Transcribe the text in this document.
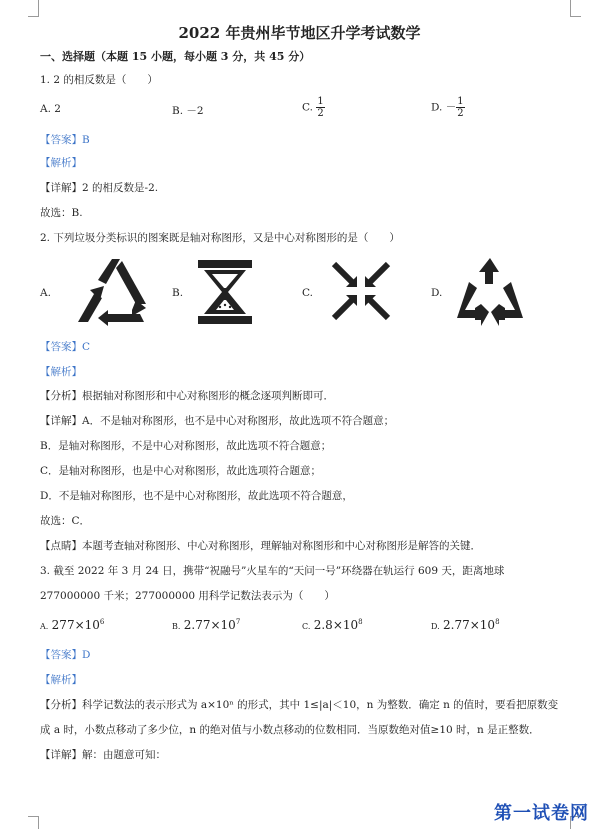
2022 年贵州毕节地区升学考试数学
一、选择题（本题 15 小题，每小题 3 分，共 45 分）
1. 2 的相反数是（　　）
A. 2	B. －2	C. $\frac{1}{2}$	D. － $\frac{1}{2}$
【答案】B
【解析】
【详解】2 的相反数是-2.
故选：B.
2. 下列垃圾分类标识的图案既是轴对称图形，又是中心对称图形的是（　　）
A.	B.	C.	D.
【答案】C
【解析】
【分析】根据轴对称图形和中心对称图形的概念逐项判断即可．
【详解】A．不是轴对称图形，也不是中心对称图形，故此选项不符合题意；
B．是轴对称图形，不是中心对称图形，故此选项不符合题意；
C．是轴对称图形，也是中心对称图形，故此选项符合题意；
D．不是轴对称图形，也不是中心对称图形，故此选项不符合题意，
故选：C．
【点睛】本题考查轴对称图形、中心对称图形，理解轴对称图形和中心对称图形是解答的关键．
3. 截至 2022 年 3 月 24 日，携带“祝融号”火星车的“天问一号”环绕器在轨运行 609 天，距离地球
277000000 千米；277000000 用科学记数法表示为（　　）
A. $277\times 10^6$	B. $2.77\times 10^7$	C. $2.8\times 10^8$	D. $2.77\times 10^8$
【答案】D
【解析】
【分析】科学记数法的表示形式为 a×10ⁿ 的形式，其中 1≤|a|＜10，n 为整数．确定 n 的值时，要看把原数变
成 a 时，小数点移动了多少位，n 的绝对值与小数点移动的位数相同．当原数绝对值≥10 时，n 是正整数．
【详解】解：由题意可知：
第一试卷网
